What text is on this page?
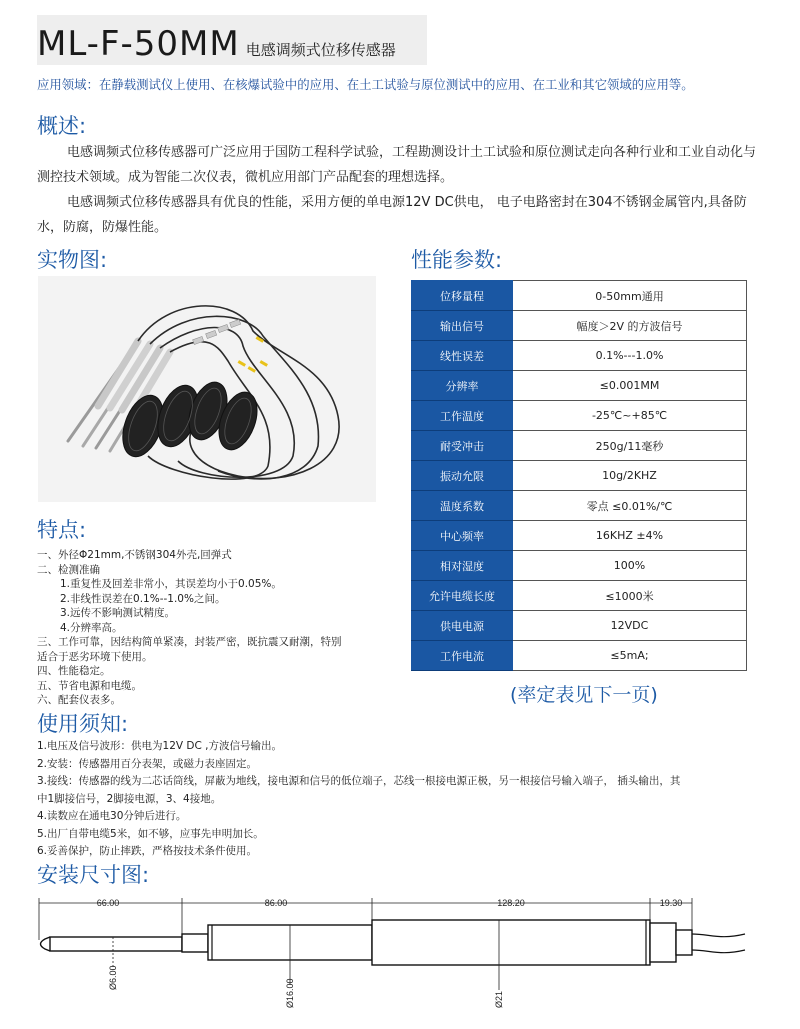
ML-F-50MM 电感调频式位移传感器
应用领域：在静载测试仪上使用、在核爆试验中的应用、在土工试验与原位测试中的应用、在工业和其它领域的应用等。
概述:

电感调频式位移传感器可广泛应用于国防工程科学试验，工程勘测设计土工试验和原位测试走向各种行业和工业自动化与测控技术领域。成为智能二次仪表，微机应用部门产品配套的理想选择。

电感调频式位移传感器具有优良的性能，采用方便的单电源12V DC供电， 电子电路密封在304不锈钢金属管内,具备防水，防腐，防爆性能。

实物图:	性能参数:
位移量程	0-50mm通用
输出信号	幅度＞2V 的方波信号
线性误差	0.1%---1.0%
分辨率	≤0.001MM
工作温度	-25℃~+85℃
耐受冲击	250g/11毫秒
振动允限	10g/2KHZ
温度系数	零点 ≤0.01%/℃
中心频率	16KHZ ±4%
相对湿度	100%
允许电缆长度	≤1000米
供电电源	12VDC
工作电流	≤5mA;
(率定表见下一页)
特点:
一、外径Φ21mm,不锈钢304外壳,回弹式
二、检测准确
1.重复性及回差非常小，其误差均小于0.05%。
2.非线性误差在0.1%--1.0%之间。
3.远传不影响测试精度。
4.分辨率高。
三、工作可靠，因结构简单紧凑，封装严密，既抗震又耐潮，特别
适合于恶劣环境下使用。
四、性能稳定。
五、节省电源和电缆。
六、配套仪表多。
使用须知:
1.电压及信号波形：供电为12V DC ,方波信号输出。
2.安装：传感器用百分表架，或磁力表座固定。
3.接线：传感器的线为二芯话筒线，屏蔽为地线，接电源和信号的低位端子，芯线一根接电源正极，另一根接信号输入端子， 插头输出，其
中1脚接信号，2脚接电源，3、4接地。
4.读数应在通电30分钟后进行。
5.出厂自带电缆5米，如不够，应事先申明加长。
6.妥善保护，防止摔跌，严格按技术条件使用。
安装尺寸图:
66.00	86.00	128.20	19.30
Ø6.00
Ø16.00	Ø21
